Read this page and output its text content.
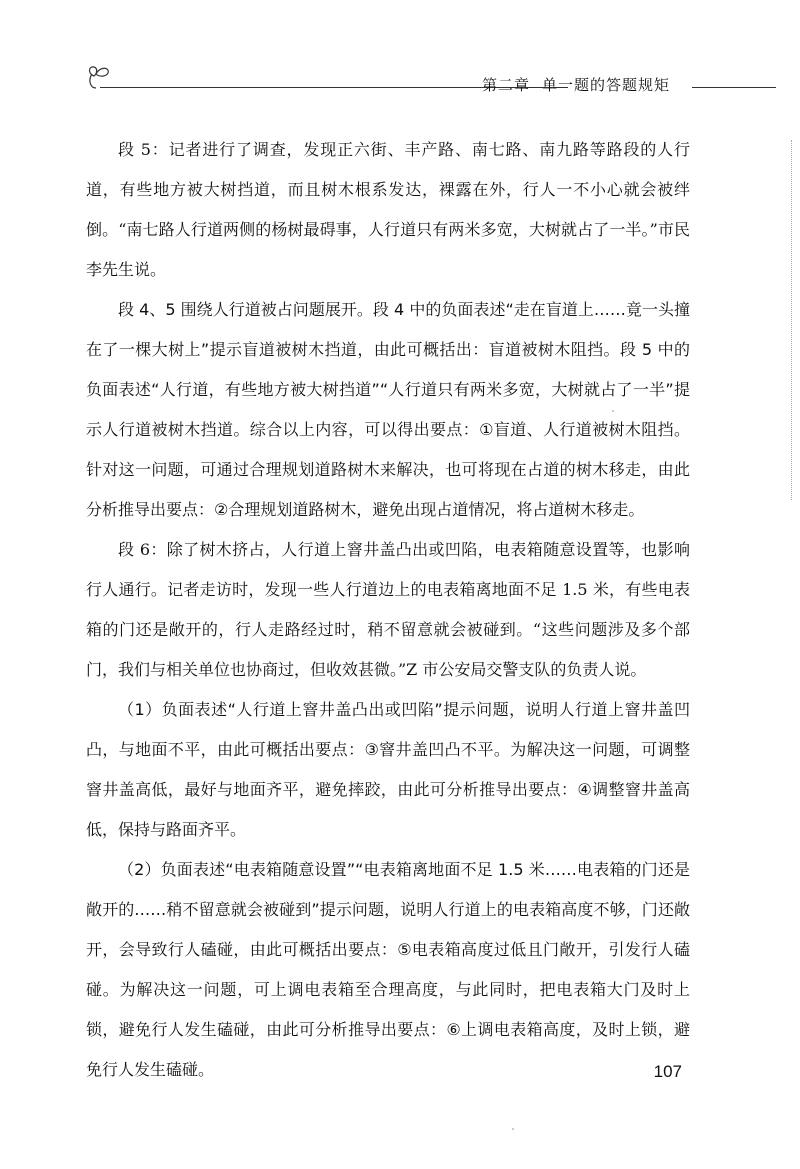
第二章 单一题的答题规矩

段 5：记者进行了调查，发现正六街、丰产路、南七路、南九路等路段的人行道，有些地方被大树挡道，而且树木根系发达，裸露在外，行人一不小心就会被绊倒。“南七路人行道两侧的杨树最碍事，人行道只有两米多宽，大树就占了一半。”市民李先生说。

段 4、5 围绕人行道被占问题展开。段 4 中的负面表述“走在盲道上……竟一头撞在了一棵大树上”提示盲道被树木挡道，由此可概括出：盲道被树木阻挡。段 5 中的负面表述“人行道，有些地方被大树挡道”“人行道只有两米多宽，大树就占了一半”提示人行道被树木挡道。综合以上内容，可以得出要点：①盲道、人行道被树木阻挡。针对这一问题，可通过合理规划道路树木来解决，也可将现在占道的树木移走，由此分析推导出要点：②合理规划道路树木，避免出现占道情况，将占道树木移走。

段 6：除了树木挤占，人行道上窨井盖凸出或凹陷，电表箱随意设置等，也影响行人通行。记者走访时，发现一些人行道边上的电表箱离地面不足 1.5 米，有些电表箱的门还是敞开的，行人走路经过时，稍不留意就会被碰到。“这些问题涉及多个部门，我们与相关单位也协商过，但收效甚微。”Z 市公安局交警支队的负责人说。

（1）负面表述“人行道上窨井盖凸出或凹陷”提示问题，说明人行道上窨井盖凹凸，与地面不平，由此可概括出要点：③窨井盖凹凸不平。为解决这一问题，可调整窨井盖高低，最好与地面齐平，避免摔跤，由此可分析推导出要点：④调整窨井盖高低，保持与路面齐平。

（2）负面表述“电表箱随意设置”“电表箱离地面不足 1.5 米……电表箱的门还是敞开的……稍不留意就会被碰到”提示问题，说明人行道上的电表箱高度不够，门还敞开，会导致行人磕碰，由此可概括出要点：⑤电表箱高度过低且门敞开，引发行人磕碰。为解决这一问题，可上调电表箱至合理高度，与此同时，把电表箱大门及时上锁，避免行人发生磕碰，由此可分析推导出要点：⑥上调电表箱高度，及时上锁，避免行人发生磕碰。	107
